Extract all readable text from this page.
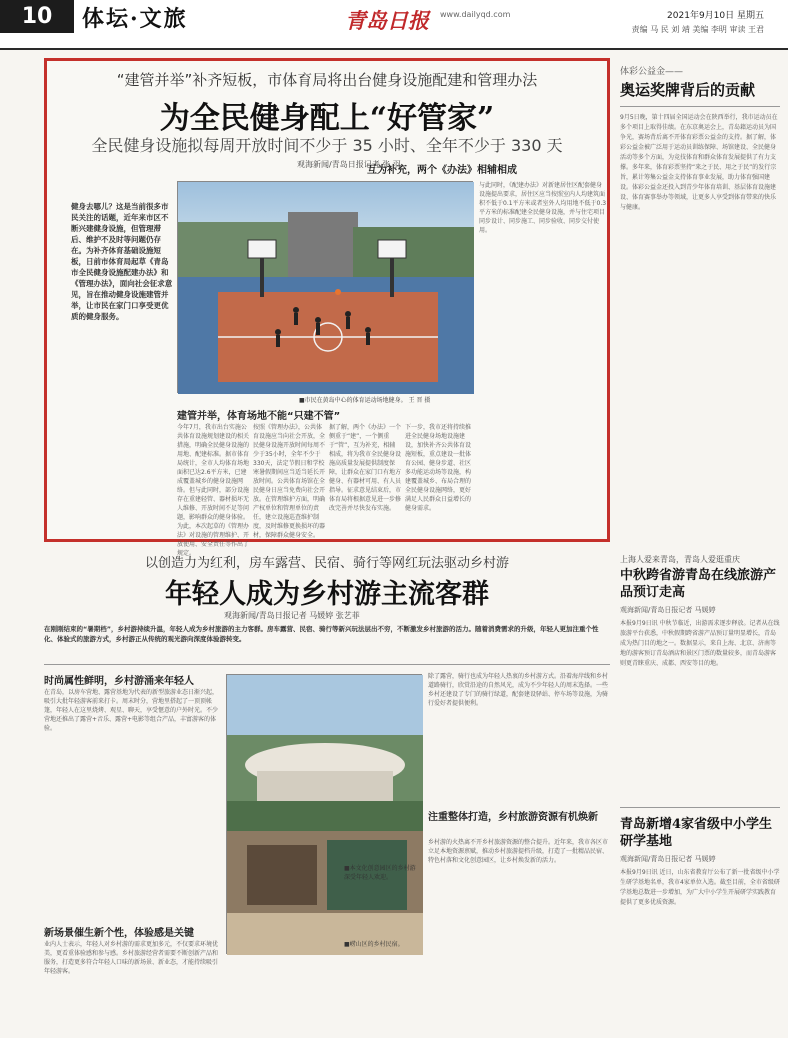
10	体坛·文旅	青岛日报 www.dailyqd.com	2021年9月10日 星期五
责编 马 民 刘 靖 美编 李明 审读 王君
“建管并举”补齐短板，市体育局将出台健身设施配建和管理办法
为全民健身配上“好管家”
全民健身设施拟每周开放时间不少于 35 小时、全年不少于 330 天
观海新闻/青岛日报记者 张 羽
健身去哪儿？这是当前很多市民关注的话题，近年来市区不断兴建健身设施，但管理滞后、维护不及时等问题仍存在。为补齐体育基础设施短板，日前市体育局起草《青岛市全民健身设施配建办法》和《管理办法》，面向社会征求意见，旨在推动健身设施建管并举，让市民在家门口享受更优质的健身服务。
■市民在黄岛中心的体育运动场地健身。 王 晋 摄
互为补充，两个《办法》相辅相成
与此同时，《配建办法》对新建居住区配套健身设施提出要求，居住区应当按照室内人均建筑面积不低于0.1平方米或者室外人均用地不低于0.3平方米的标准配建全民健身设施，并与住宅项目同步设计、同步施工、同步验收、同步交付使用。
建管并举，体育场地不能“只建不管”
今年7月，我市出台实施公共体育设施规划建设的相关措施，明确全民健身设施的用地、配建标准。据市体育局统计，全市人均体育场地面积已达2.6平方米，已建成覆盖城乡的健身设施网络。但与此同时，部分设施存在重建轻管、器材损坏无人维修、开放时间不足等问题，影响群众的健身体验。为此，本次起草的《管理办法》对设施的管理维护、开放使用、安全责任等作出了规定。
按照《管理办法》，公共体育设施应当向社会开放，全民健身设施开放时间每周不少于35小时，全年不少于330天，法定节假日和学校寒暑假期间应当适当延长开放时间。公共体育场馆在全民健身日应当免费向社会开放。在管理维护方面，明确产权单位和管理单位的责任，建立设施巡查维护制度，及时维修更换损坏的器材，保障群众健身安全。
据了解，两个《办法》一个侧重于“建”，一个侧重于“管”，互为补充，相辅相成，将为我市全民健身设施高质量发展提供制度保障，让群众在家门口有地方健身、有器材可用、有人员指导。征求意见结束后，市体育局将根据意见进一步修改完善并尽快发布实施。
下一步，我市还将持续推进全民健身场地设施建设，加快补齐公共体育设施短板，重点建设一批体育公园、健身步道、社区多功能运动场等设施，构建覆盖城乡、布局合理的全民健身设施网络，更好满足人民群众日益增长的健身需求。
体彩公益金——
奥运奖牌背后的贡献
9月5日晚，第十四届全国运动会在陕西举行，我市运动员在多个项目上取得佳绩。在东京奥运会上，青岛籍运动员为国争光，赛场背后离不开体育彩票公益金的支持。据了解，体彩公益金被广泛用于运动员训练保障、场馆建设、全民健身活动等多个方面，为竞技体育和群众体育发展提供了有力支撑。多年来，体育彩票坚持“来之于民、用之于民”的发行宗旨，累计筹集公益金支持体育事业发展，助力体育强国建设。体彩公益金还投入到青少年体育培训、基层体育设施建设、体育赛事举办等领域，让更多人享受到体育带来的快乐与健康。
以创造力为红利，房车露营、民宿、骑行等网红玩法驱动乡村游
年轻人成为乡村游主流客群
观海新闻/青岛日报记者 马媛婷 张艺菲
在刚刚结束的“暑期档”，乡村游持续升温，年轻人成为乡村旅游的主力客群。房车露营、民宿、骑行等新兴玩法层出不穷，不断激发乡村旅游的活力。随着消费需求的升级，年轻人更加注重个性化、体验式的旅游方式，乡村游正从传统的观光游向深度体验游转变。
时尚属性鲜明，乡村游涌来年轻人
在青岛，以房车营地、露营基地为代表的新型旅游业态日渐兴起，吸引大批年轻游客前来打卡。周末时分，营地里搭起了一顶顶帐篷，年轻人在这里烧烤、观星、聊天，享受惬意的户外时光。不少营地还推出了露营+音乐、露营+电影等组合产品，丰富游客的体验。
■本文化创意园区的乡村游深受年轻人欢迎。
■崂山区的乡村民宿。
除了露营，骑行也成为年轻人热衷的乡村游方式。沿着海岸线和乡村道路骑行，欣赏沿途的自然风光，成为不少年轻人的周末选择。一些乡村还建设了专门的骑行绿道，配套建设驿站、停车场等设施，为骑行爱好者提供便利。
注重整体打造，乡村旅游资源有机焕新
乡村游的火热离不开乡村旅游资源的整合提升。近年来，我市各区市立足本地资源禀赋，推动乡村旅游提档升级，打造了一批精品民宿、特色村落和文化创意园区，让乡村焕发新的活力。
新场景催生新个性，体验感是关键
业内人士表示，年轻人对乡村游的需求更加多元，不仅要求环境优美，更看重体验感和参与感。乡村旅游经营者需要不断创新产品和服务，打造更多符合年轻人口味的新场景、新业态，才能持续吸引年轻游客。
上海人爱来青岛，青岛人爱逛重庆
中秋跨省游青岛在线旅游产品预订走高
观海新闻/青岛日报记者 马媛婷
本报9月9日讯 中秋节临近，出游需求逐步释放。记者从在线旅游平台获悉，中秋假期跨省游产品预订量明显增长，青岛成为热门目的地之一。数据显示，来自上海、北京、济南等地的游客预订青岛酒店和景区门票的数量较多，而青岛游客则更青睐重庆、成都、西安等目的地。
青岛新增4家省级中小学生研学基地
观海新闻/青岛日报记者 马媛婷
本报9月9日讯 近日，山东省教育厅公布了新一批省级中小学生研学基地名单，我市4家单位入选。截至目前，全市省级研学基地总数进一步增加，为广大中小学生开展研学实践教育提供了更多优质资源。
